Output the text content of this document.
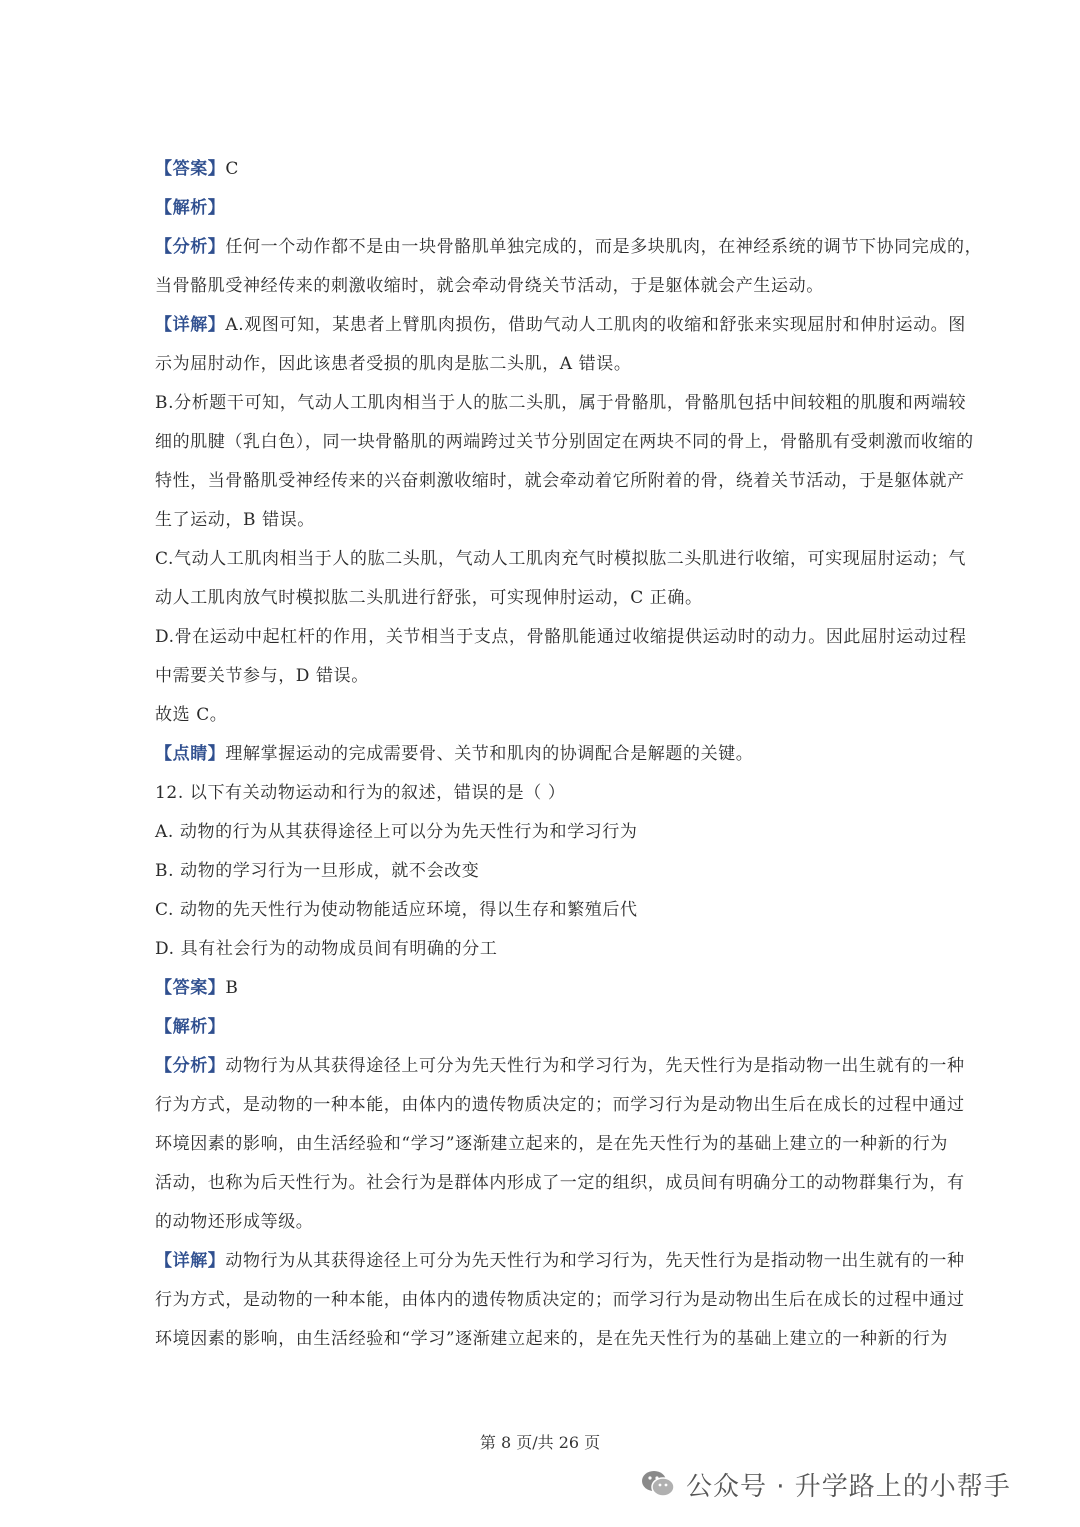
【答案】C
【解析】
【分析】任何一个动作都不是由一块骨骼肌单独完成的，而是多块肌肉，在神经系统的调节下协同完成的，
当骨骼肌受神经传来的刺激收缩时，就会牵动骨绕关节活动，于是躯体就会产生运动。
【详解】A.观图可知，某患者上臂肌肉损伤，借助气动人工肌肉的收缩和舒张来实现屈肘和伸肘运动。图
示为屈肘动作，因此该患者受损的肌肉是肱二头肌，A 错误。
B.分析题干可知，气动人工肌肉相当于人的肱二头肌，属于骨骼肌，骨骼肌包括中间较粗的肌腹和两端较
细的肌腱（乳白色），同一块骨骼肌的两端跨过关节分别固定在两块不同的骨上，骨骼肌有受刺激而收缩的
特性，当骨骼肌受神经传来的兴奋刺激收缩时，就会牵动着它所附着的骨，绕着关节活动，于是躯体就产
生了运动，B 错误。
C.气动人工肌肉相当于人的肱二头肌，气动人工肌肉充气时模拟肱二头肌进行收缩，可实现屈肘运动；气
动人工肌肉放气时模拟肱二头肌进行舒张，可实现伸肘运动，C 正确。
D.骨在运动中起杠杆的作用，关节相当于支点，骨骼肌能通过收缩提供运动时的动力。因此屈肘运动过程
中需要关节参与，D 错误。
故选 C。
【点睛】理解掌握运动的完成需要骨、关节和肌肉的协调配合是解题的关键。
12. 以下有关动物运动和行为的叙述，错误的是（ ）
A. 动物的行为从其获得途径上可以分为先天性行为和学习行为
B. 动物的学习行为一旦形成，就不会改变
C. 动物的先天性行为使动物能适应环境，得以生存和繁殖后代
D. 具有社会行为的动物成员间有明确的分工
【答案】B
【解析】
【分析】动物行为从其获得途径上可分为先天性行为和学习行为，先天性行为是指动物一出生就有的一种
行为方式，是动物的一种本能，由体内的遗传物质决定的；而学习行为是动物出生后在成长的过程中通过
环境因素的影响，由生活经验和“学习”逐渐建立起来的，是在先天性行为的基础上建立的一种新的行为
活动，也称为后天性行为。社会行为是群体内形成了一定的组织，成员间有明确分工的动物群集行为，有
的动物还形成等级。
【详解】动物行为从其获得途径上可分为先天性行为和学习行为，先天性行为是指动物一出生就有的一种
行为方式，是动物的一种本能，由体内的遗传物质决定的；而学习行为是动物出生后在成长的过程中通过
环境因素的影响，由生活经验和“学习”逐渐建立起来的，是在先天性行为的基础上建立的一种新的行为
第 8 页/共 26 页
公众号 · 升学路上的小帮手
